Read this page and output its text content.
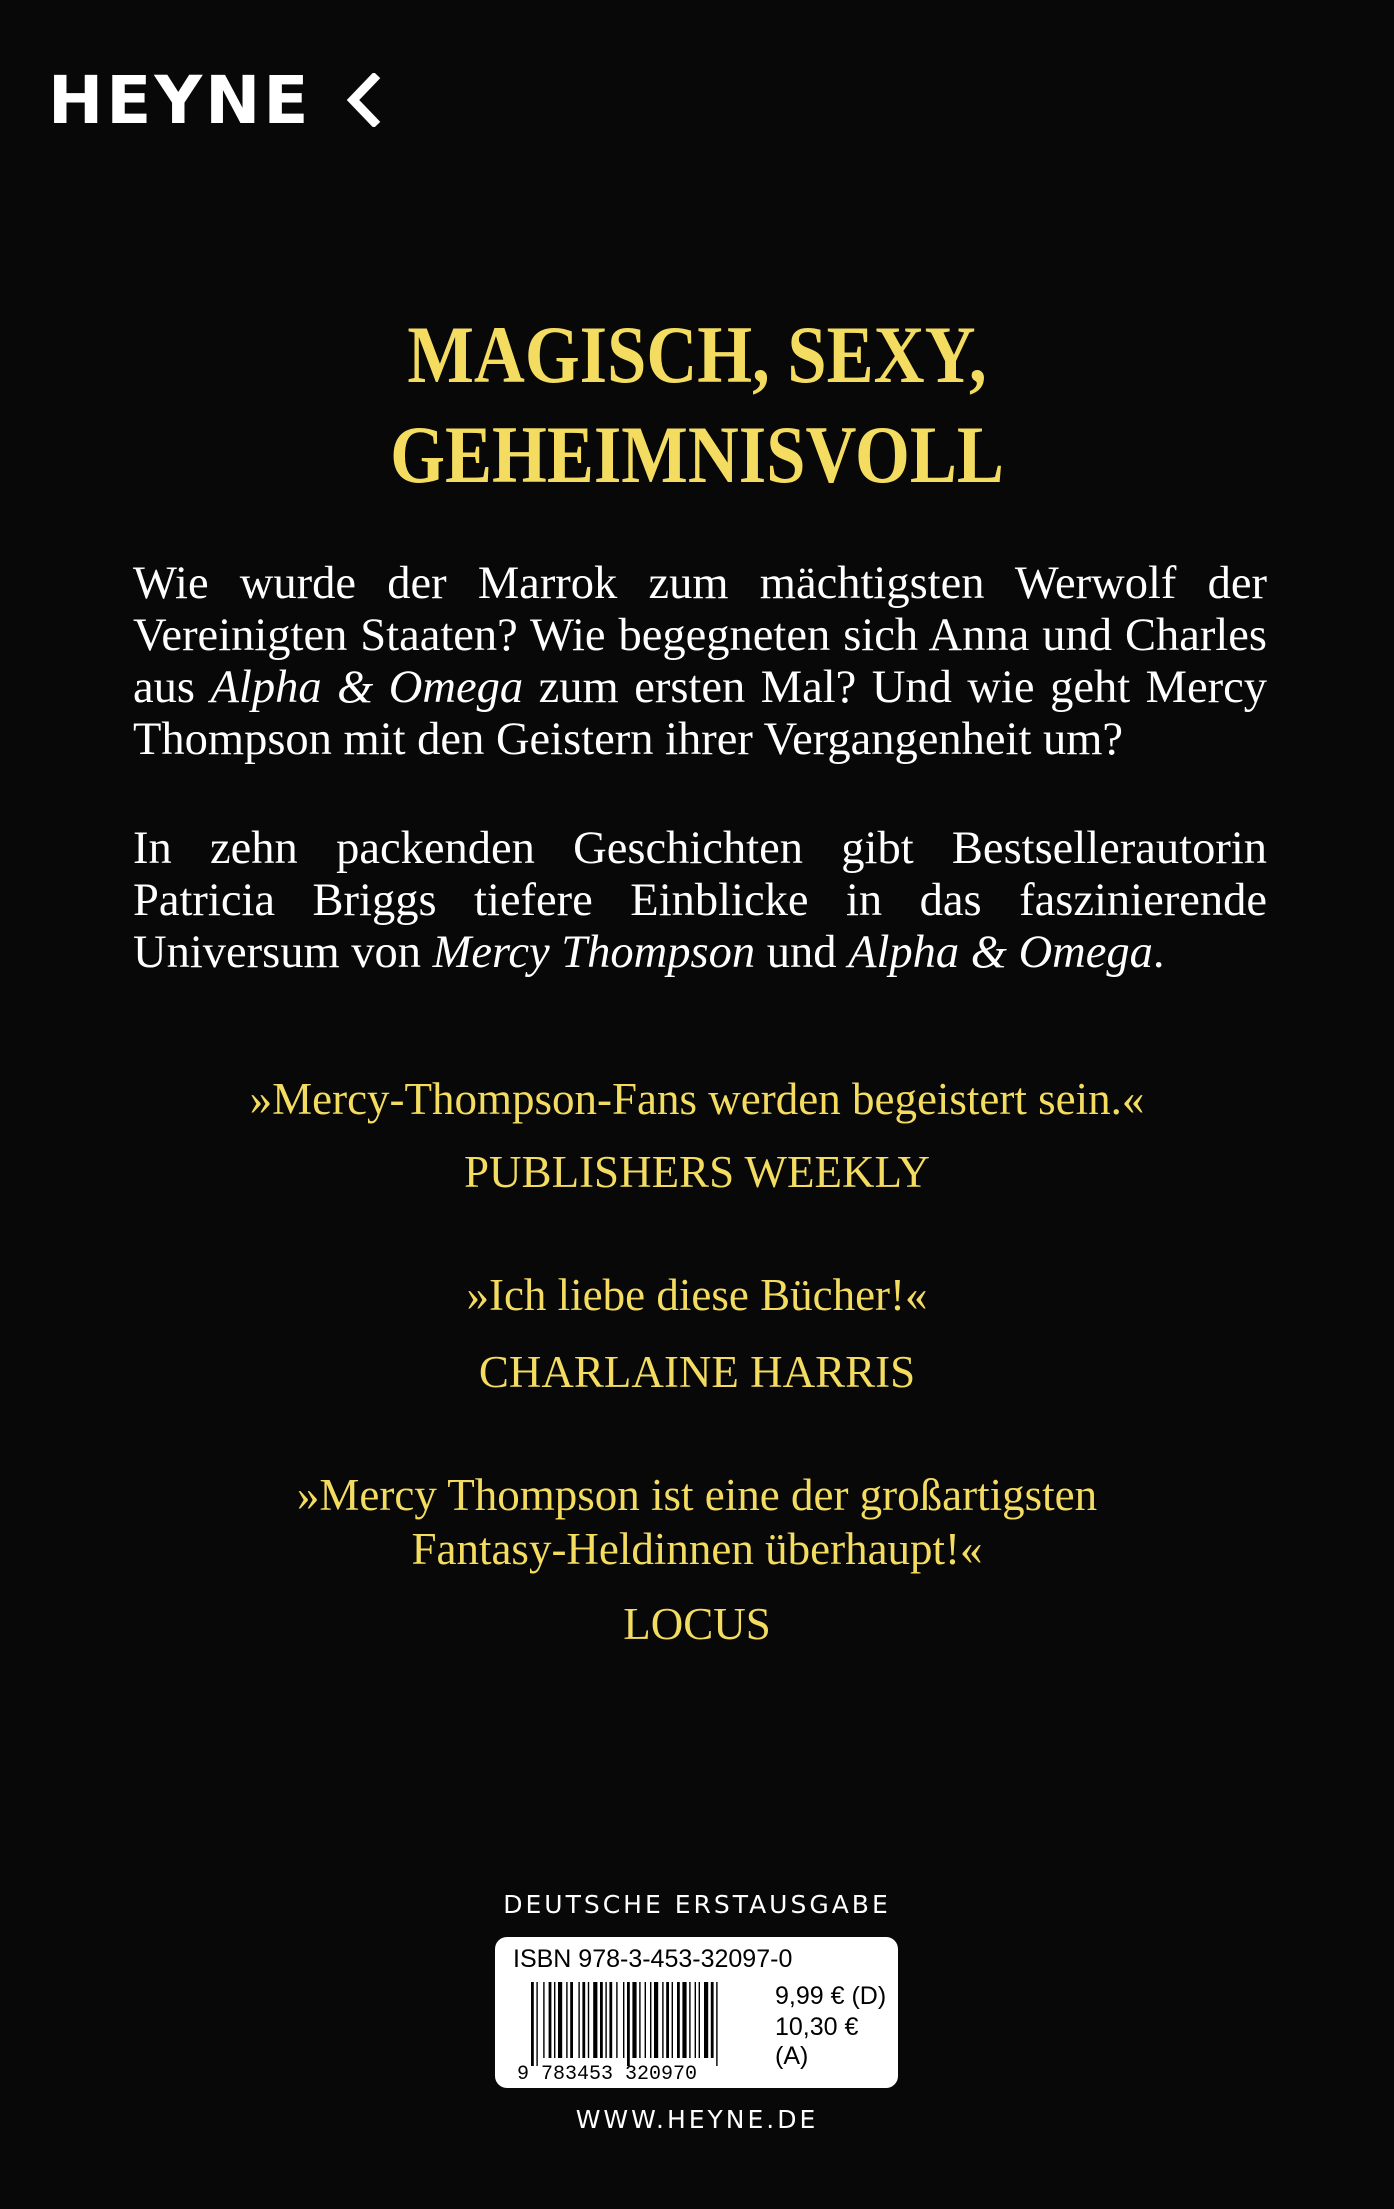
HEYNE
MAGISCH, SEXY,
GEHEIMNISVOLL
Wie wurde der Marrok zum mächtigsten Werwolf der Vereinigten Staaten? Wie begegneten sich Anna und Charles aus Alpha & Omega zum ersten Mal? Und wie geht Mercy Thompson mit den Geistern ihrer Vergangenheit um?
In zehn packenden Geschichten gibt Bestsellerautorin Patricia Briggs tiefere Einblicke in das faszinierende Universum von Mercy Thompson und Alpha & Omega.
»Mercy-Thompson-Fans werden begeistert sein.«
PUBLISHERS WEEKLY
»Ich liebe diese Bücher!«
CHARLAINE HARRIS
»Mercy Thompson ist eine der großartigsten
Fantasy-Heldinnen überhaupt!«
LOCUS
DEUTSCHE ERSTAUSGABE
ISBN 978-3-453-32097-0
9 783453 320970
9,99 € (D)
10,30 € (A)
WWW.HEYNE.DE
